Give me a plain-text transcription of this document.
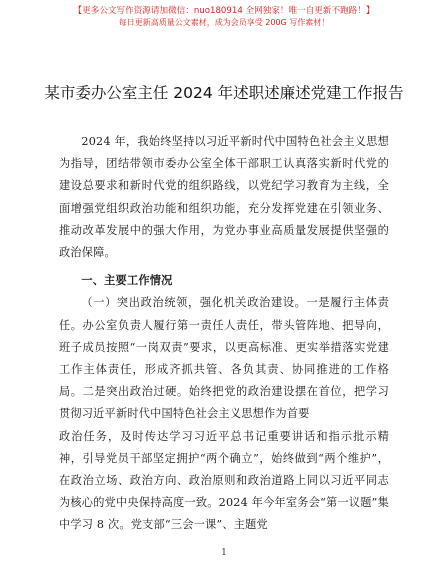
【更多公文写作资源请加微信：nuo180914 全网独家！唯一自更新不跑路！】
每日更新高质量公文素材，成为会员享受 200G 写作素材！
某市委办公室主任 2024 年述职述廉述党建工作报告

2024 年，我始终坚持以习近平新时代中国特色社会主义思想为指导，团结带领市委办公室全体干部职工认真落实新时代党的建设总要求和新时代党的组织路线，以党纪学习教育为主线，全面增强党组织政治功能和组织功能，充分发挥党建在引领业务、推动改革发展中的强大作用，为党办事业高质量发展提供坚强的政治保障。

一、主要工作情况

（一）突出政治统领，强化机关政治建设。一是履行主体责任。办公室负责人履行第一责任人责任，带头管阵地、把导向，班子成员按照“一岗双责”要求，以更高标准、更实举措落实党建工作主体责任，形成齐抓共管、各负其责、协同推进的工作格局。二是突出政治过硬。始终把党的政治建设摆在首位，把学习贯彻习近平新时代中国特色社会主义思想作为首要

政治任务，及时传达学习习近平总书记重要讲话和指示批示精神，引导党员干部坚定拥护“两个确立”，始终做到“两个维护”，在政治立场、政治方向、政治原则和政治道路上同以习近平同志为核心的党中央保持高度一致。2024 年今年室务会“第一议题”集中学习 8 次。党支部“三会一课”、主题党

1
